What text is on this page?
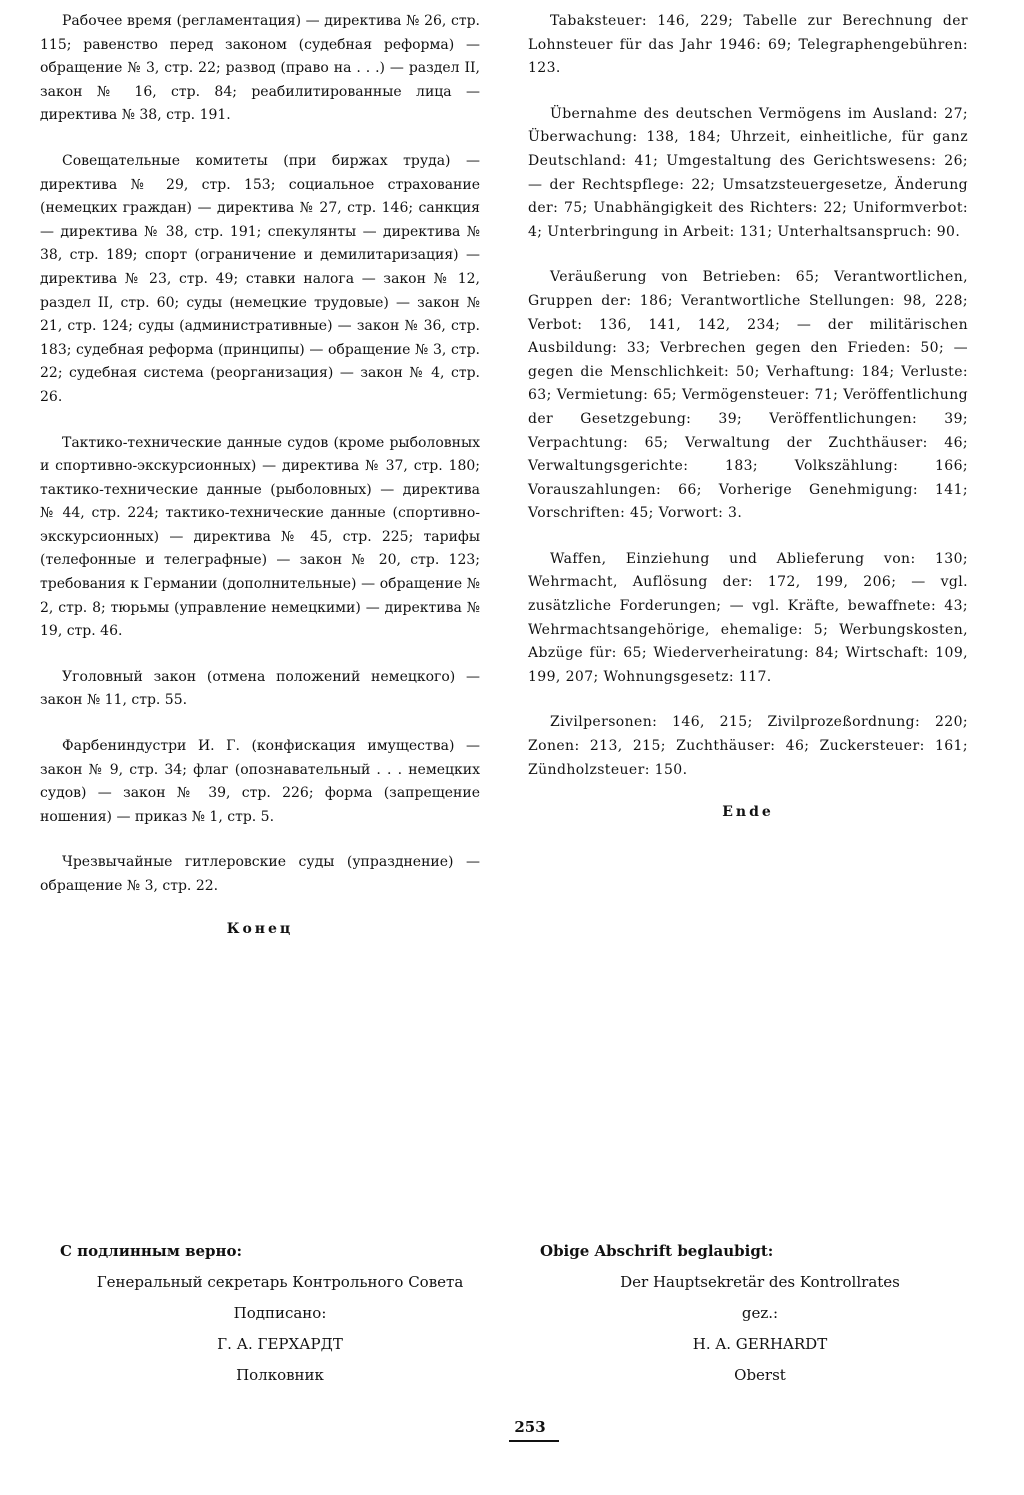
Рабочее время (регламентация) — директива № 26, стр. 115; равенство перед законом (судебная реформа) — обращение № 3, стр. 22; развод (право на . . .) — раздел II, закон № 16, стр. 84; реабилитированные лица — директива № 38, стр. 191.

Совещательные комитеты (при биржах труда) — директива № 29, стр. 153; социальное страхование (немецких граждан) — директива № 27, стр. 146; санкция — директива № 38, стр. 191; спекулянты — директива № 38, стр. 189; спорт (ограничение и демилитаризация) — директива № 23, стр. 49; ставки налога — закон № 12, раздел II, стр. 60; суды (немецкие трудовые) — закон № 21, стр. 124; суды (административные) — закон № 36, стр. 183; судебная реформа (принципы) — обращение № 3, стр. 22; судебная система (реорганизация) — закон № 4, стр. 26.

Тактико-технические данные судов (кроме рыболовных и спортивно-экскурсионных) — директива № 37, стр. 180; тактико-технические данные (рыболовных) — директива № 44, стр. 224; тактико-технические данные (спортивно-экскурсионных) — директива № 45, стр. 225; тарифы (телефонные и телеграфные) — закон № 20, стр. 123; требования к Германии (дополнительные) — обращение № 2, стр. 8; тюрьмы (управление немецкими) — директива № 19, стр. 46.

Уголовный закон (отмена положений немецкого) — закон № 11, стр. 55.

Фарбениндустри И. Г. (конфискация имущества) — закон № 9, стр. 34; флаг (опознавательный . . . немецких судов) — закон № 39, стр. 226; форма (запрещение ношения) — приказ № 1, стр. 5.

Чрезвычайные гитлеровские суды (упразднение) — обращение № 3, стр. 22.

Конец

Tabaksteuer: 146, 229; Tabelle zur Berechnung der Lohnsteuer für das Jahr 1946: 69; Telegraphengebühren: 123.

Übernahme des deutschen Vermögens im Ausland: 27; Überwachung: 138, 184; Uhrzeit, einheitliche, für ganz Deutschland: 41; Umgestaltung des Gerichtswesens: 26; — der Rechtspflege: 22; Umsatzsteuergesetze, Änderung der: 75; Unabhängigkeit des Richters: 22; Uniformverbot: 4; Unterbringung in Arbeit: 131; Unterhaltsanspruch: 90.

Veräußerung von Betrieben: 65; Verantwortlichen, Gruppen der: 186; Verantwortliche Stellungen: 98, 228; Verbot: 136, 141, 142, 234; — der militärischen Ausbildung: 33; Verbrechen gegen den Frieden: 50; — gegen die Menschlichkeit: 50; Verhaftung: 184; Verluste: 63; Vermietung: 65; Vermögensteuer: 71; Veröffentlichung der Gesetzgebung: 39; Veröffentlichungen: 39; Verpachtung: 65; Verwaltung der Zuchthäuser: 46; Verwaltungsgerichte: 183; Volkszählung: 166; Vorauszahlungen: 66; Vorherige Genehmigung: 141; Vorschriften: 45; Vorwort: 3.

Waffen, Einziehung und Ablieferung von: 130; Wehrmacht, Auflösung der: 172, 199, 206; — vgl. zusätzliche Forderungen; — vgl. Kräfte, bewaffnete: 43; Wehrmachtsangehörige, ehemalige: 5; Werbungskosten, Abzüge für: 65; Wiederverheiratung: 84; Wirtschaft: 109, 199, 207; Wohnungsgesetz: 117.

Zivilpersonen: 146, 215; Zivilprozeßordnung: 220; Zonen: 213, 215; Zuchthäuser: 46; Zuckersteuer: 161; Zündholzsteuer: 150.

Ende

С подлинным верно:

Генеральный секретарь Контрольного Совета

Подписано:

Г. А. ГЕРХАРДТ

Полковник

Obige Abschrift beglaubigt:

Der Hauptsekretär des Kontrollrates

gez.:

H. A. GERHARDT

Oberst

253
